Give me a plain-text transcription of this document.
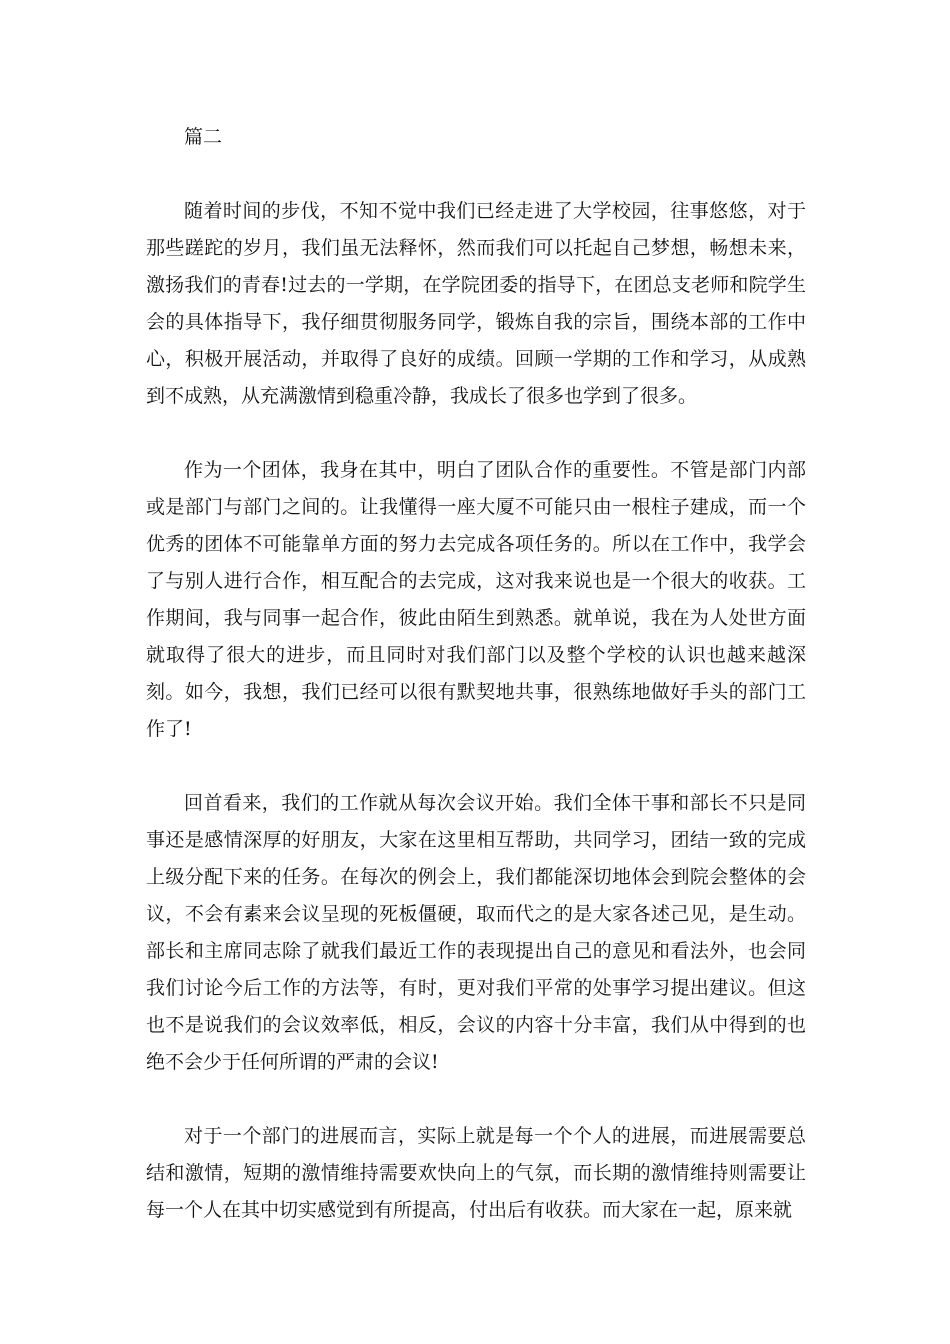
篇二

随着时间的步伐，不知不觉中我们已经走进了大学校园，往事悠悠，对于那些蹉跎的岁月，我们虽无法释怀，然而我们可以托起自己梦想，畅想未来，激扬我们的青春!过去的一学期，在学院团委的指导下，在团总支老师和院学生会的具体指导下，我仔细贯彻服务同学，锻炼自我的宗旨，围绕本部的工作中心，积极开展活动，并取得了良好的成绩。回顾一学期的工作和学习，从成熟到不成熟，从充满激情到稳重冷静，我成长了很多也学到了很多。

作为一个团体，我身在其中，明白了团队合作的重要性。不管是部门内部或是部门与部门之间的。让我懂得一座大厦不可能只由一根柱子建成，而一个优秀的团体不可能靠单方面的努力去完成各项任务的。所以在工作中，我学会了与别人进行合作，相互配合的去完成，这对我来说也是一个很大的收获。工作期间，我与同事一起合作，彼此由陌生到熟悉。就单说，我在为人处世方面就取得了很大的进步，而且同时对我们部门以及整个学校的认识也越来越深刻。如今，我想，我们已经可以很有默契地共事，很熟练地做好手头的部门工作了!

回首看来，我们的工作就从每次会议开始。我们全体干事和部长不只是同事还是感情深厚的好朋友，大家在这里相互帮助，共同学习，团结一致的完成上级分配下来的任务。在每次的例会上，我们都能深切地体会到院会整体的会议，不会有素来会议呈现的死板僵硬，取而代之的是大家各述己见，是生动。部长和主席同志除了就我们最近工作的表现提出自己的意见和看法外，也会同我们讨论今后工作的方法等，有时，更对我们平常的处事学习提出建议。但这也不是说我们的会议效率低，相反，会议的内容十分丰富，我们从中得到的也绝不会少于任何所谓的严肃的会议!

对于一个部门的进展而言，实际上就是每一个个人的进展，而进展需要总结和激情，短期的激情维持需要欢快向上的气氛，而长期的激情维持则需要让每一个人在其中切实感觉到有所提高，付出后有收获。而大家在一起，原来就
